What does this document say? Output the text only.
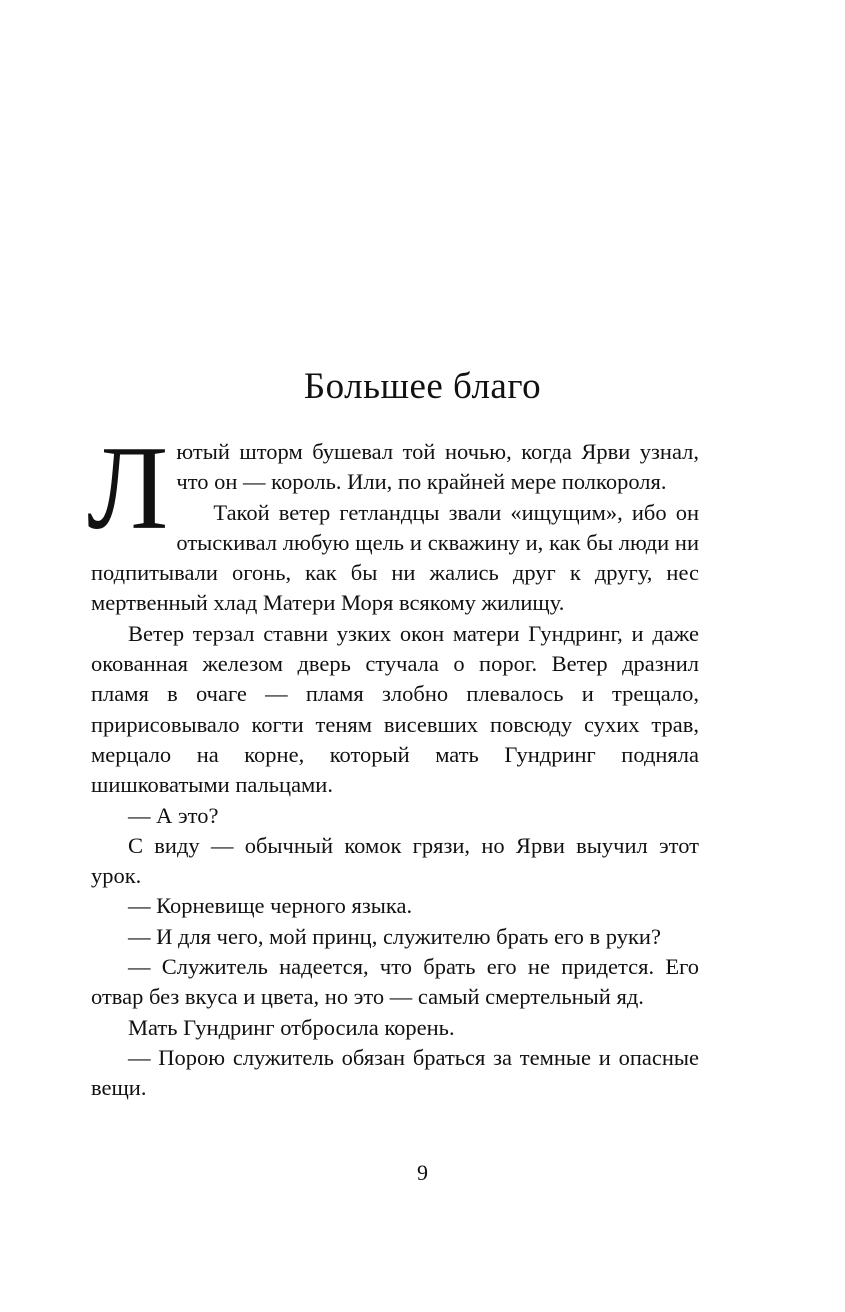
Большее благо

Лютый шторм бушевал той ночью, когда Ярви узнал, что он — король. Или, по крайней мере полкороля.

Такой ветер гетландцы звали «ищущим», ибо он отыскивал любую щель и скважину и, как бы люди ни подпитывали огонь, как бы ни жались друг к другу, нес мертвенный хлад Матери Моря всякому жилищу.

Ветер терзал ставни узких окон матери Гундринг, и даже окованная железом дверь стучала о порог. Ветер дразнил пламя в очаге — пламя злобно плевалось и трещало, пририсовывало когти теням висевших повсюду сухих трав, мерцало на корне, который мать Гундринг подняла шишковатыми пальцами.

— А это?

С виду — обычный комок грязи, но Ярви выучил этот урок.

— Корневище черного языка.

— И для чего, мой принц, служителю брать его в руки?

— Служитель надеется, что брать его не придется. Его отвар без вкуса и цвета, но это — самый смертельный яд.

Мать Гундринг отбросила корень.

— Порою служитель обязан браться за темные и опасные вещи.

9
